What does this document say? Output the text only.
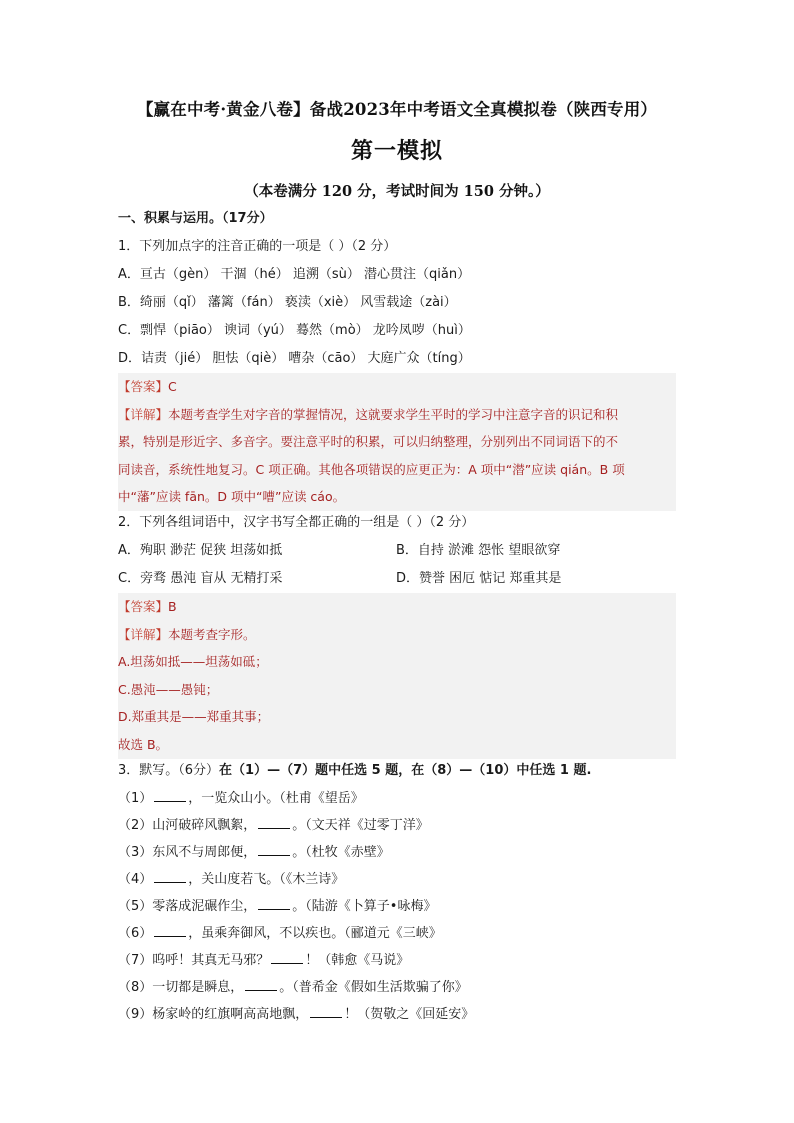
【赢在中考·黄金八卷】备战2023年中考语文全真模拟卷（陕西专用）
第一模拟
（本卷满分 120 分，考试时间为 150 分钟。）
一、积累与运用。（17分）
1．下列加点字的注音正确的一项是（ ）（2 分）
A．亘古（gèn） 干涸（hé） 追溯（sù） 潜心贯注（qiǎn）
B．绮丽（qǐ） 藩篱（fán） 亵渎（xiè） 风雪载途（zài）
C．剽悍（piāo） 谀词（yú） 蓦然（mò） 龙吟凤哕（huì）
D．诘责（jié） 胆怯（qiè） 嘈杂（cāo） 大庭广众（tíng）
【答案】C
【详解】本题考查学生对字音的掌握情况，这就要求学生平时的学习中注意字音的识记和积
累，特别是形近字、多音字。要注意平时的积累，可以归纳整理，分别列出不同词语下的不
同读音，系统性地复习。C 项正确。其他各项错误的应更正为：A 项中“潜”应读 qián。B 项
中“藩”应读 fān。D 项中“嘈”应读 cáo。
2．下列各组词语中，汉字书写全都正确的一组是（ ）（2 分）
A．殉职 渺茫 促狭 坦荡如抵	B．自持 淤滩 怨怅 望眼欲穿
C．旁骛 愚沌 盲从 无精打采	D．赞誉 困厄 惦记 郑重其是
【答案】B
【详解】本题考查字形。
A.坦荡如抵——坦荡如砥；
C.愚沌——愚钝；
D.郑重其是——郑重其事；
故选 B。
3．默写。（6分）在（1）—（7）题中任选 5 题，在（8）—（10）中任选 1 题.
（1）	，一览众山小。（杜甫《望岳》
（2）山河破碎风飘絮，	。（文天祥《过零丁洋》
（3）东风不与周郎便，	。（杜牧《赤壁》
（4）	，关山度若飞。（《木兰诗》
（5）零落成泥碾作尘，	。（陆游《卜算子•咏梅》
（6）	，虽乘奔御风，不以疾也。（郦道元《三峡》
（7）呜呼！其真无马邪？	！（韩愈《马说》
（8）一切都是瞬息，	。（普希金《假如生活欺骗了你》
（9）杨家岭的红旗啊高高地飘，	！（贺敬之《回延安》
